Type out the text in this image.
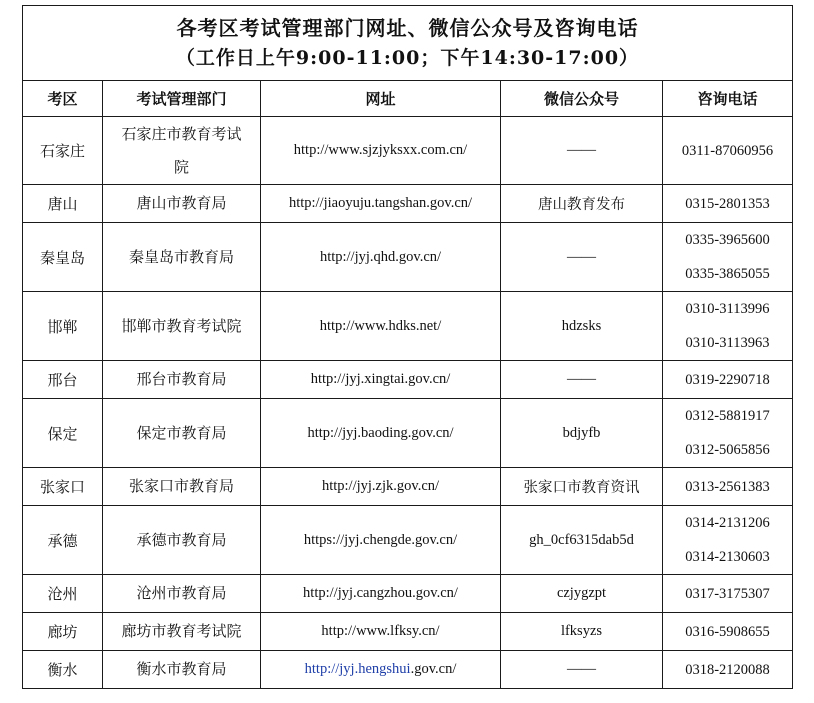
各考区考试管理部门网址、微信公众号及咨询电话
（工作日上午9:00-11:00；下午14:30-17:00）				

考区	考试管理部门	网址	微信公众号	咨询电话
石家庄	石家庄市教育考试院	http://www.sjzjyksxx.com.cn/	——	0311-87060956

唐山	唐山市教育局	http://jiaoyuju.tangshan.gov.cn/	唐山教育发布	0315-2801353

秦皇岛	秦皇岛市教育局	http://jyj.qhd.gov.cn/	——	0335-3965600
0335-3865055

邯郸	邯郸市教育考试院	http://www.hdks.net/	hdzsks	0310-3113996
0310-3113963

邢台	邢台市教育局	http://jyj.xingtai.gov.cn/	——	0319-2290718

保定	保定市教育局	http://jyj.baoding.gov.cn/	bdjyfb	0312-5881917
0312-5065856

张家口	张家口市教育局	http://jyj.zjk.gov.cn/	张家口市教育资讯	0313-2561383

承德	承德市教育局	https://jyj.chengde.gov.cn/	gh_0cf6315dab5d	0314-2131206
0314-2130603

沧州	沧州市教育局	http://jyj.cangzhou.gov.cn/	czjygzpt	0317-3175307

廊坊	廊坊市教育考试院	http://www.lfksy.cn/	lfksyzs	0316-5908655

衡水	衡水市教育局	http://jyj.hengshui.gov.cn/	——	0318-2120088
